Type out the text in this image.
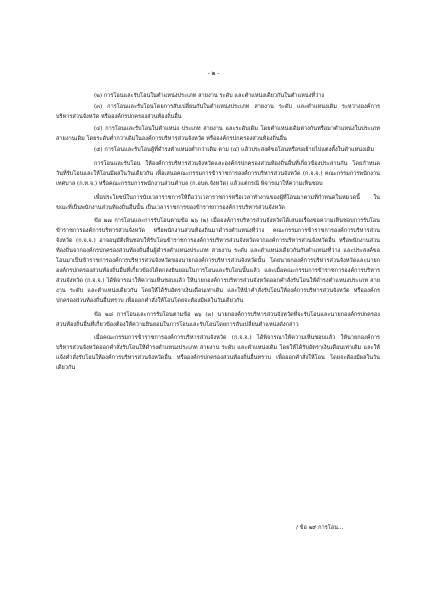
- ๒ -

(๒) การโอนและรับโอนในตำแหน่งประเภท สายงาน ระดับ และตำแหน่งเดียวกันในตำแหน่งที่ว่าง

(๓) การโอนและรับโอนโดยการสับเปลี่ยนกันในตำแหน่งประเภท สายงาน ระดับ และตำแหน่งเดิม ระหว่างองค์การบริหารส่วนจังหวัด หรือองค์กรปกครองส่วนท้องถิ่นอื่น

(๔) การโอนและรับโอนในตำแหน่ง ประเภท สายงาน และระดับเดิม โดยตำแหน่งเดิมต่างกันหรือมาตำแหน่งในประเภท สายงานเดิม โดยระดับต่ำกว่าเดิมในองค์การบริหารส่วนจังหวัด หรือองค์กรปกครองส่วนท้องถิ่นอื่น

(๕) การโอนและรับโอนผู้ที่ดำรงตำแหน่งต่ำกว่าเดิม ตาม (๔) แล้วประสงค์ขอโอนหรือขอย้ายไปแต่งตั้งในตำแหน่งเดิม

การโอนและรับโอน ให้องค์การบริหารส่วนจังหวัดและองค์กรปกครองส่วนท้องถิ่นอื่นที่เกี่ยวข้องประสานกัน โดยกำหนดวันที่รับโอนและให้โอนมีผลในวันเดียวกัน เพื่อเสนอคณะกรรมการข้าราชการองค์การบริหารส่วนจังหวัด (ก.จ.จ.) คณะกรรมการพนักงานเทศบาล (ก.ท.จ.) หรือคณะกรรมการพนักงานส่วนตำบล (ก.อบต.จังหวัด) แล้วแต่กรณี พิจารณาให้ความเห็นชอบ

เพื่อประโยชน์ในการนับเวลาราชการให้ถือว่าเวลาราชการหรือเวลาทำงานของผู้ที่โอนมาตามที่กำหนดในหมวดนี้ ในขณะที่เป็นพนักงานส่วนท้องถิ่นอื่นนั้น เป็นเวลาราชการของข้าราชการองค์การบริหารส่วนจังหวัด

ข้อ ๒๗ การโอนและการรับโอนตามข้อ ๒๖ (๒) เมื่อองค์การบริหารส่วนจังหวัดได้เสนอเรื่องขอความเห็นชอบการรับโอนข้าราชการองค์การบริหารส่วนจังหวัด หรือพนักงานส่วนท้องถิ่นมาดำรงตำแหน่งที่ว่าง คณะกรรมการข้าราชการองค์การบริหารส่วนจังหวัด (ก.จ.จ.) อาจอนุมัติเห็นชอบให้รับโอนข้าราชการองค์การบริหารส่วนจังหวัดจากองค์การบริหารส่วนจังหวัดอื่น หรือพนักงานส่วนท้องถิ่นจากองค์กรปกครองส่วนท้องถิ่นอื่นผู้ดำรงตำแหน่งประเภท สายงาน ระดับ และตำแหน่งเดียวกันกับตำแหน่งที่ว่าง และประสงค์ขอโอนมาเป็นข้าราชการองค์การบริหารส่วนจังหวัดของนายกองค์การบริหารส่วนจังหวัดนั้น โดยนายกองค์การบริหารส่วนจังหวัดและนายกองค์กรปกครองส่วนท้องถิ่นอื่นที่เกี่ยวข้องได้ตกลงยินยอมในการโอนและรับโอนนั้นแล้ว และเมื่อคณะกรรมการข้าราชการองค์การบริหารส่วนจังหวัด (ก.จ.จ.) ได้พิจารณาให้ความเห็นชอบแล้ว ให้นายกองค์การบริหารส่วนจังหวัดออกคำสั่งรับโอนให้ดำรงตำแหน่งประเภท สายงาน ระดับ และตำแหน่งเดียวกัน โดยให้ได้รับอัตราเงินเดือนเท่าเดิม และให้นำคำสั่งรับโอนให้องค์การบริหารส่วนจังหวัด หรือองค์กรปกครองส่วนท้องถิ่นอื่นทราบ เพื่อออกคำสั่งให้โอนโดยจะต้องมีผลในวันเดียวกัน

ข้อ ๒๘ การโอนและการรับโอนตามข้อ ๒๖ (๓) นายกองค์การบริหารส่วนจังหวัดที่จะรับโอนและนายกองค์กรปกครองส่วนท้องถิ่นอื่นที่เกี่ยวข้องต้องให้ความยินยอมในการโอนและรับโอนโดยการสับเปลี่ยนตำแหน่งดังกล่าว

เมื่อคณะกรรมการข้าราชการองค์การบริหารส่วนจังหวัด (ก.จ.จ.) ได้พิจารณาให้ความเห็นชอบแล้ว ให้นายกองค์การบริหารส่วนจังหวัดออกคำสั่งรับโอนให้ดำรงตำแหน่งประเภท สายงาน ระดับ และตำแหน่งเดิม โดยให้ได้รับอัตราเงินเดือนเท่าเดิม และให้แจ้งคำสั่งรับโอนให้องค์การบริหารส่วนจังหวัดอื่น หรือองค์กรปกครองส่วนท้องถิ่นอื่นทราบ เพื่อออกคำสั่งให้โอน โดยจะต้องมีผลในวันเดียวกัน

/ ข้อ ๒๙ การโอน...
